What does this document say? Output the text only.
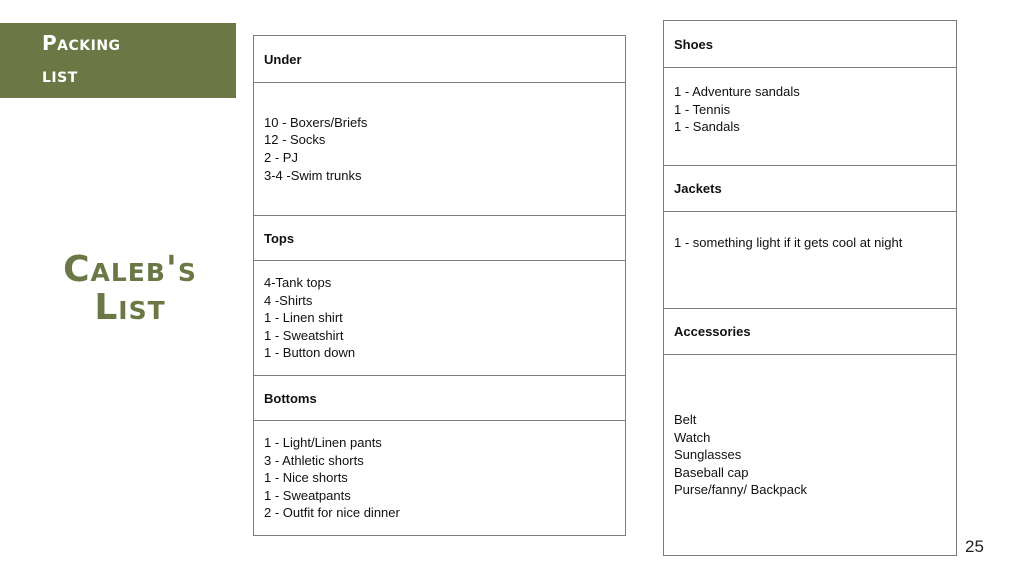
Packing
list
Caleb's
List
Under

10 - Boxers/Briefs
12 - Socks
2 - PJ
3-4 -Swim trunks

Tops

4-Tank tops
4 -Shirts
1 - Linen shirt
1 - Sweatshirt
1 - Button down

Bottoms

1 - Light/Linen pants
3 - Athletic shorts
1 - Nice shorts
1 - Sweatpants
2 - Outfit for nice dinner
Shoes

1 - Adventure sandals
1 - Tennis
1 - Sandals

Jackets

1 - something light if it gets cool at night

Accessories

Belt
Watch
Sunglasses
Baseball cap
Purse/fanny/ Backpack
25
